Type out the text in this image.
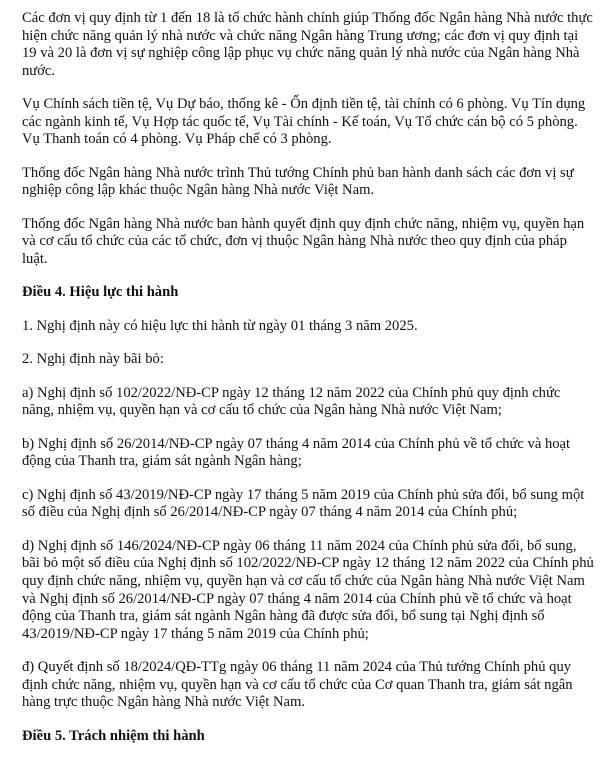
Các đơn vị quy định từ 1 đến 18 là tổ chức hành chính giúp Thống đốc Ngân hàng Nhà nước thực hiện chức năng quản lý nhà nước và chức năng Ngân hàng Trung ương; các đơn vị quy định tại 19 và 20 là đơn vị sự nghiệp công lập phục vụ chức năng quản lý nhà nước của Ngân hàng Nhà nước.

Vụ Chính sách tiền tệ, Vụ Dự báo, thống kê - Ổn định tiền tệ, tài chính có 6 phòng. Vụ Tín dụng các ngành kinh tế, Vụ Hợp tác quốc tế, Vụ Tài chính - Kế toán, Vụ Tổ chức cán bộ có 5 phòng. Vụ Thanh toán có 4 phòng. Vụ Pháp chế có 3 phòng.

Thống đốc Ngân hàng Nhà nước trình Thủ tướng Chính phủ ban hành danh sách các đơn vị sự nghiệp công lập khác thuộc Ngân hàng Nhà nước Việt Nam.

Thống đốc Ngân hàng Nhà nước ban hành quyết định quy định chức năng, nhiệm vụ, quyền hạn và cơ cấu tổ chức của các tổ chức, đơn vị thuộc Ngân hàng Nhà nước theo quy định của pháp luật.

Điều 4. Hiệu lực thi hành

1. Nghị định này có hiệu lực thi hành từ ngày 01 tháng 3 năm 2025.

2. Nghị định này bãi bỏ:

a) Nghị định số 102/2022/NĐ-CP ngày 12 tháng 12 năm 2022 của Chính phủ quy định chức năng, nhiệm vụ, quyền hạn và cơ cấu tổ chức của Ngân hàng Nhà nước Việt Nam;

b) Nghị định số 26/2014/NĐ-CP ngày 07 tháng 4 năm 2014 của Chính phủ về tổ chức và hoạt động của Thanh tra, giám sát ngành Ngân hàng;

c) Nghị định số 43/2019/NĐ-CP ngày 17 tháng 5 năm 2019 của Chính phủ sửa đổi, bổ sung một số điều của Nghị định số 26/2014/NĐ-CP ngày 07 tháng 4 năm 2014 của Chính phủ;

d) Nghị định số 146/2024/NĐ-CP ngày 06 tháng 11 năm 2024 của Chính phủ sửa đổi, bổ sung, bãi bỏ một số điều của Nghị định số 102/2022/NĐ-CP ngày 12 tháng 12 năm 2022 của Chính phủ quy định chức năng, nhiệm vụ, quyền hạn và cơ cấu tổ chức của Ngân hàng Nhà nước Việt Nam và Nghị định số 26/2014/NĐ-CP ngày 07 tháng 4 năm 2014 của Chính phủ về tổ chức và hoạt động của Thanh tra, giám sát ngành Ngân hàng đã được sửa đổi, bổ sung tại Nghị định số 43/2019/NĐ-CP ngày 17 tháng 5 năm 2019 của Chính phủ;

đ) Quyết định số 18/2024/QĐ-TTg ngày 06 tháng 11 năm 2024 của Thủ tướng Chính phủ quy định chức năng, nhiệm vụ, quyền hạn và cơ cấu tổ chức của Cơ quan Thanh tra, giám sát ngân hàng trực thuộc Ngân hàng Nhà nước Việt Nam.

Điều 5. Trách nhiệm thi hành
